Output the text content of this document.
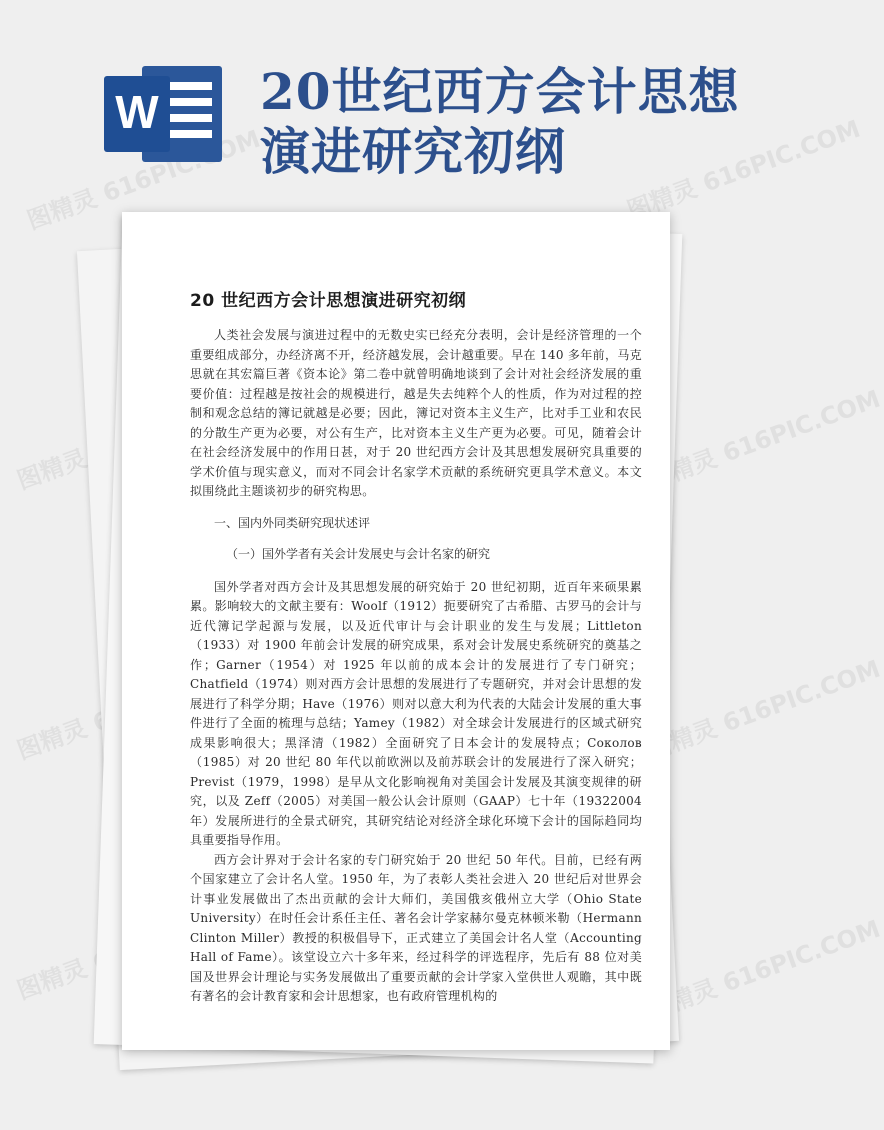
图精灵 616PIC.COM	图精灵 616PIC.COM
图精灵	图精灵 616PIC.COM
图精灵	图精灵 616PIC.COM
图精灵	图精灵 616PIC.COM
W 20世纪西方会计思想
演进研究初纲
20 世纪西方会计思想演进研究初纲

人类社会发展与演进过程中的无数史实已经充分表明，会计是经济管理的一个重要组成部分，办经济离不开，经济越发展，会计越重要。早在 140 多年前，马克思就在其宏篇巨著《资本论》第二卷中就曾明确地谈到了会计对社会经济发展的重要价值：过程越是按社会的规模进行，越是失去纯粹个人的性质，作为对过程的控制和观念总结的簿记就越是必要；因此，簿记对资本主义生产，比对手工业和农民的分散生产更为必要，对公有生产，比对资本主义生产更为必要。可见，随着会计在社会经济发展中的作用日甚，对于 20 世纪西方会计及其思想发展研究具重要的学术价值与现实意义，而对不同会计名家学术贡献的系统研究更具学术意义。本文拟围绕此主题谈初步的研究构思。

一、国内外同类研究现状述评
（一）国外学者有关会计发展史与会计名家的研究

国外学者对西方会计及其思想发展的研究始于 20 世纪初期，近百年来硕果累累。影响较大的文献主要有：Woolf（1912）扼要研究了古希腊、古罗马的会计与近代簿记学起源与发展，以及近代审计与会计职业的发生与发展；Littleton（1933）对 1900 年前会计发展的研究成果，系对会计发展史系统研究的奠基之作；Garner（1954）对 1925 年以前的成本会计的发展进行了专门研究；Chatfield（1974）则对西方会计思想的发展进行了专题研究，并对会计思想的发展进行了科学分期；Have（1976）则对以意大利为代表的大陆会计发展的重大事件进行了全面的梳理与总结；Yamey（1982）对全球会计发展进行的区域式研究成果影响很大；黑泽清（1982）全面研究了日本会计的发展特点；Соколов（1985）对 20 世纪 80 年代以前欧洲以及前苏联会计的发展进行了深入研究；Previst（1979，1998）是早从文化影响视角对美国会计发展及其演变规律的研究，以及 Zeff（2005）对美国一般公认会计原则（GAAP）七十年（19322004 年）发展所进行的全景式研究，其研究结论对经济全球化环境下会计的国际趋同均具重要指导作用。

西方会计界对于会计名家的专门研究始于 20 世纪 50 年代。目前，已经有两个国家建立了会计名人堂。1950 年，为了表彰人类社会进入 20 世纪后对世界会计事业发展做出了杰出贡献的会计大师们，美国俄亥俄州立大学（Ohio State University）在时任会计系任主任、著名会计学家赫尔曼克林顿米勒（Hermann Clinton Miller）教授的积极倡导下，正式建立了美国会计名人堂（Accounting Hall of Fame）。该堂设立六十多年来，经过科学的评选程序，先后有 88 位对美国及世界会计理论与实务发展做出了重要贡献的会计学家入堂供世人观瞻，其中既有著名的会计教育家和会计思想家，也有政府管理机构的
